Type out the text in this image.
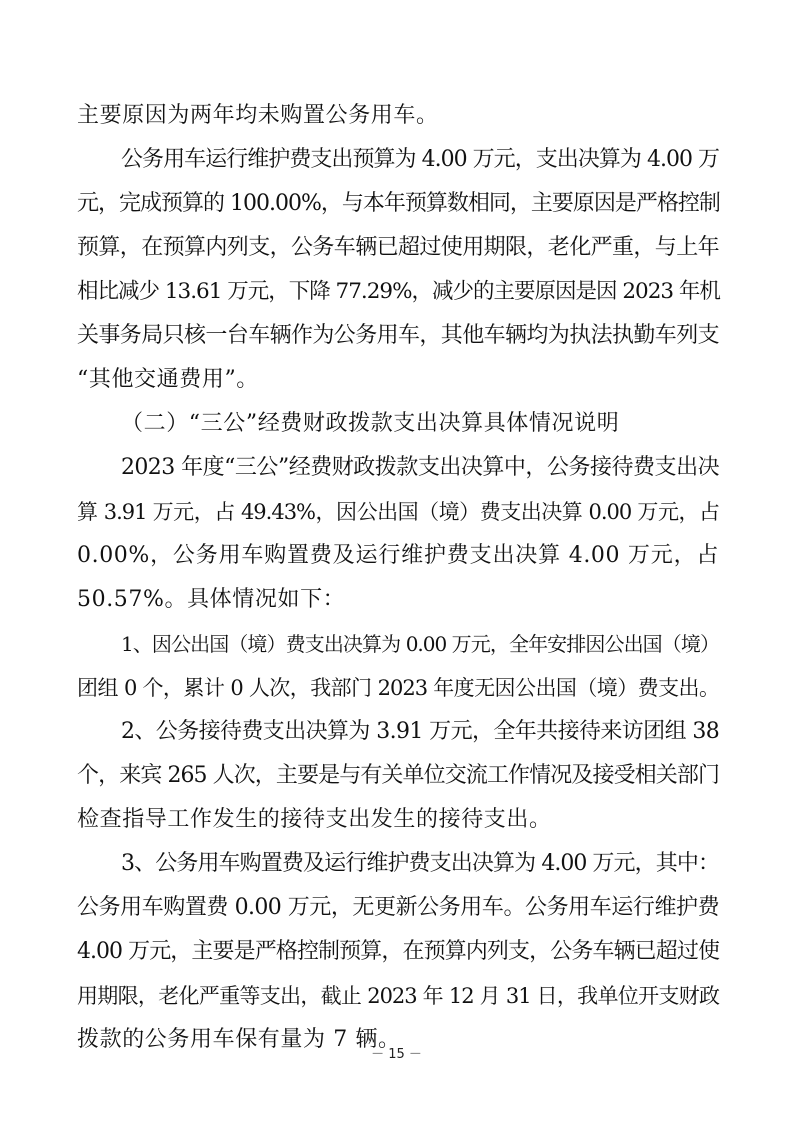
主要原因为两年均未购置公务用车。
公务用车运行维护费支出预算为 4.00 万元，支出决算为 4.00 万
元，完成预算的 100.00%，与本年预算数相同，主要原因是严格控制
预算，在预算内列支，公务车辆已超过使用期限，老化严重，与上年
相比减少 13.61 万元，下降 77.29%，减少的主要原因是因 2023 年机
关事务局只核一台车辆作为公务用车，其他车辆均为执法执勤车列支
“其他交通费用”。
（二）“三公”经费财政拨款支出决算具体情况说明
2023 年度“三公”经费财政拨款支出决算中，公务接待费支出决
算 3.91 万元，占 49.43%，因公出国（境）费支出决算 0.00 万元，占
0.00%，公务用车购置费及运行维护费支出决算 4.00 万元，占
50.57%。具体情况如下：
1、因公出国（境）费支出决算为 0.00 万元，全年安排因公出国（境）
团组 0 个，累计 0 人次，我部门 2023 年度无因公出国（境）费支出。
2、公务接待费支出决算为 3.91 万元，全年共接待来访团组 38
个，来宾 265 人次，主要是与有关单位交流工作情况及接受相关部门
检查指导工作发生的接待支出发生的接待支出。
3、公务用车购置费及运行维护费支出决算为 4.00 万元，其中：
公务用车购置费 0.00 万元，无更新公务用车。公务用车运行维护费
4.00 万元，主要是严格控制预算，在预算内列支，公务车辆已超过使
用期限，老化严重等支出，截止 2023 年 12 月 31 日，我单位开支财政
拨款的公务用车保有量为 7 辆。
－ 15 －
